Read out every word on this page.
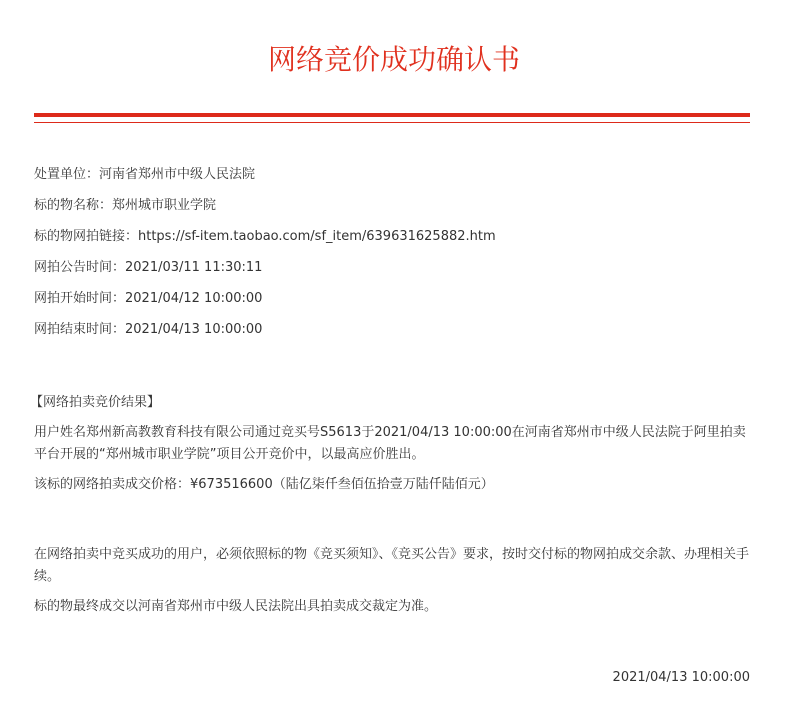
网络竞价成功确认书
处置单位：河南省郑州市中级人民法院
标的物名称：郑州城市职业学院
标的物网拍链接：https://sf-item.taobao.com/sf_item/639631625882.htm
网拍公告时间：2021/03/11 11:30:11
网拍开始时间：2021/04/12 10:00:00
网拍结束时间：2021/04/13 10:00:00
【网络拍卖竞价结果】
用户姓名郑州新高教教育科技有限公司通过竞买号S5613于2021/04/13 10:00:00在河南省郑州市中级人民法院于阿里拍卖平台开展的“郑州城市职业学院”项目公开竞价中，以最高应价胜出。
该标的网络拍卖成交价格：¥673516600（陆亿柒仟叁佰伍拾壹万陆仟陆佰元）
在网络拍卖中竞买成功的用户，必须依照标的物《竞买须知》、《竞买公告》要求，按时交付标的物网拍成交余款、办理相关手续。
标的物最终成交以河南省郑州市中级人民法院出具拍卖成交裁定为准。
2021/04/13 10:00:00
